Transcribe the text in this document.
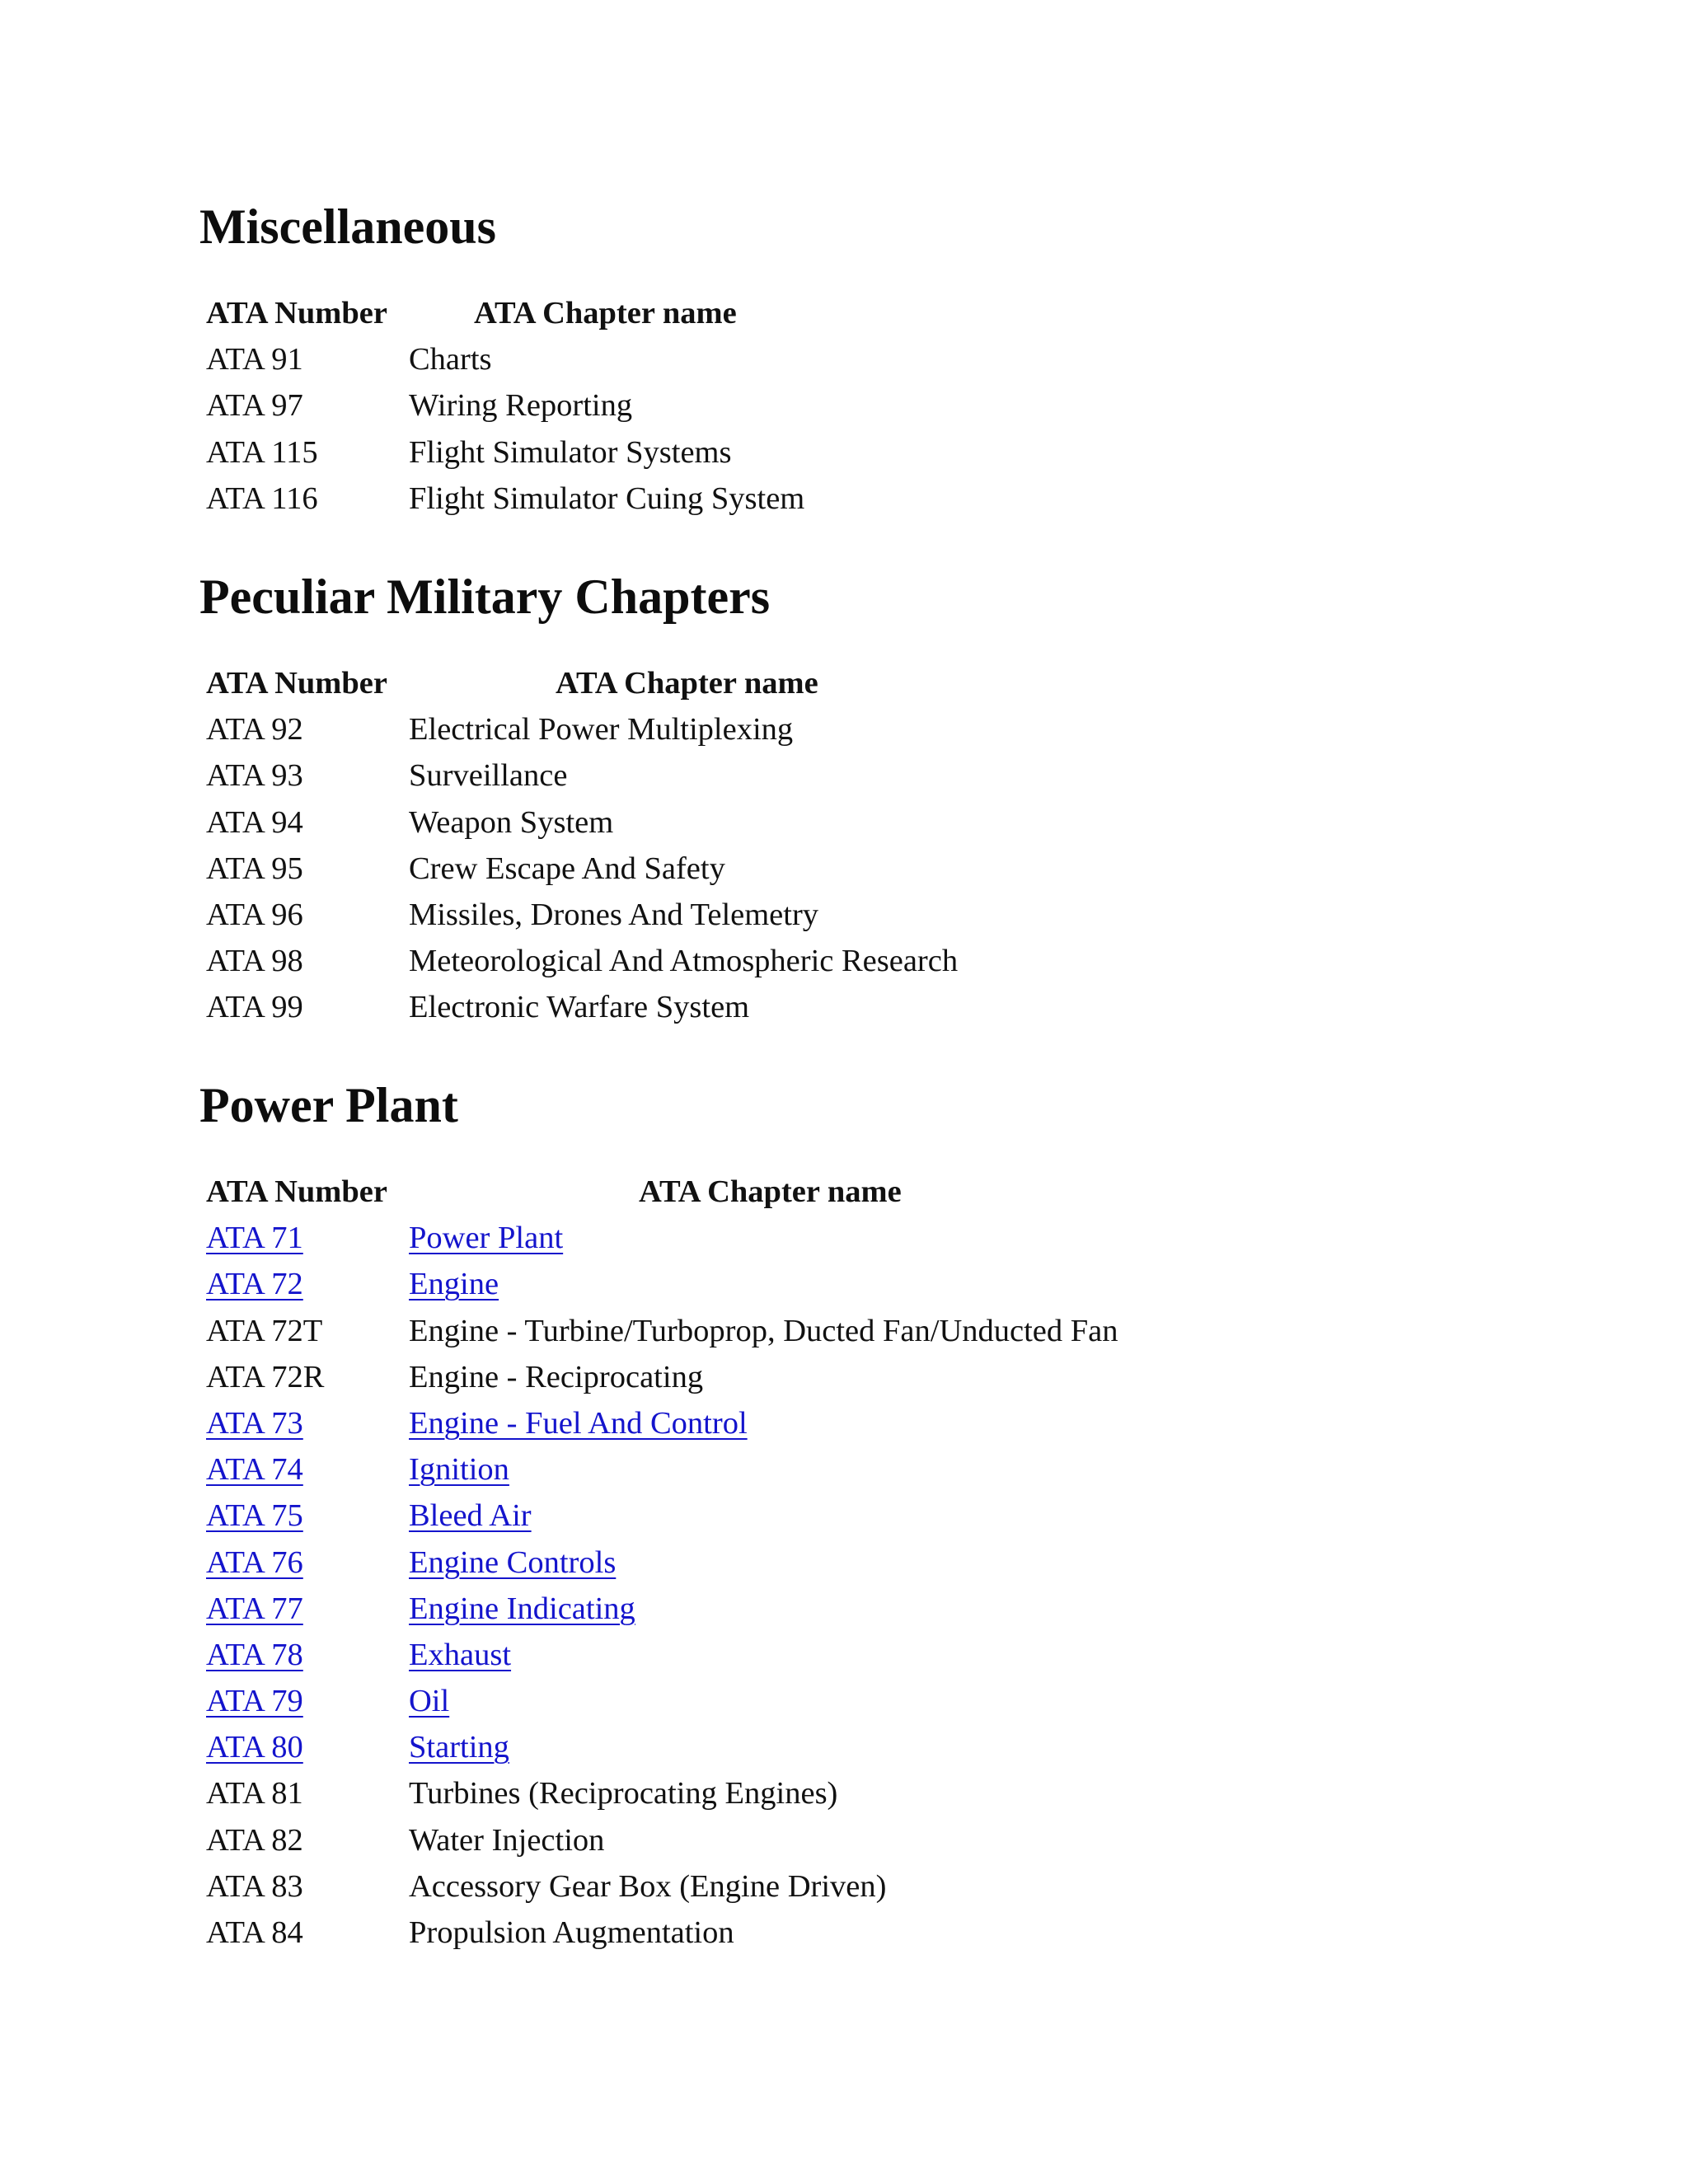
Miscellaneous
ATA Number	ATA Chapter name
ATA 91	Charts
ATA 97	Wiring Reporting
ATA 115	Flight Simulator Systems
ATA 116	Flight Simulator Cuing System
Peculiar Military Chapters
ATA Number	ATA Chapter name
ATA 92	Electrical Power Multiplexing
ATA 93	Surveillance
ATA 94	Weapon System
ATA 95	Crew Escape And Safety
ATA 96	Missiles, Drones And Telemetry
ATA 98	Meteorological And Atmospheric Research
ATA 99	Electronic Warfare System
Power Plant
ATA Number	ATA Chapter name
ATA 71	Power Plant
ATA 72	Engine
ATA 72T	Engine - Turbine/Turboprop, Ducted Fan/Unducted Fan
ATA 72R	Engine - Reciprocating
ATA 73	Engine - Fuel And Control
ATA 74	Ignition
ATA 75	Bleed Air
ATA 76	Engine Controls
ATA 77	Engine Indicating
ATA 78	Exhaust
ATA 79	Oil
ATA 80	Starting
ATA 81	Turbines (Reciprocating Engines)
ATA 82	Water Injection
ATA 83	Accessory Gear Box (Engine Driven)
ATA 84	Propulsion Augmentation
